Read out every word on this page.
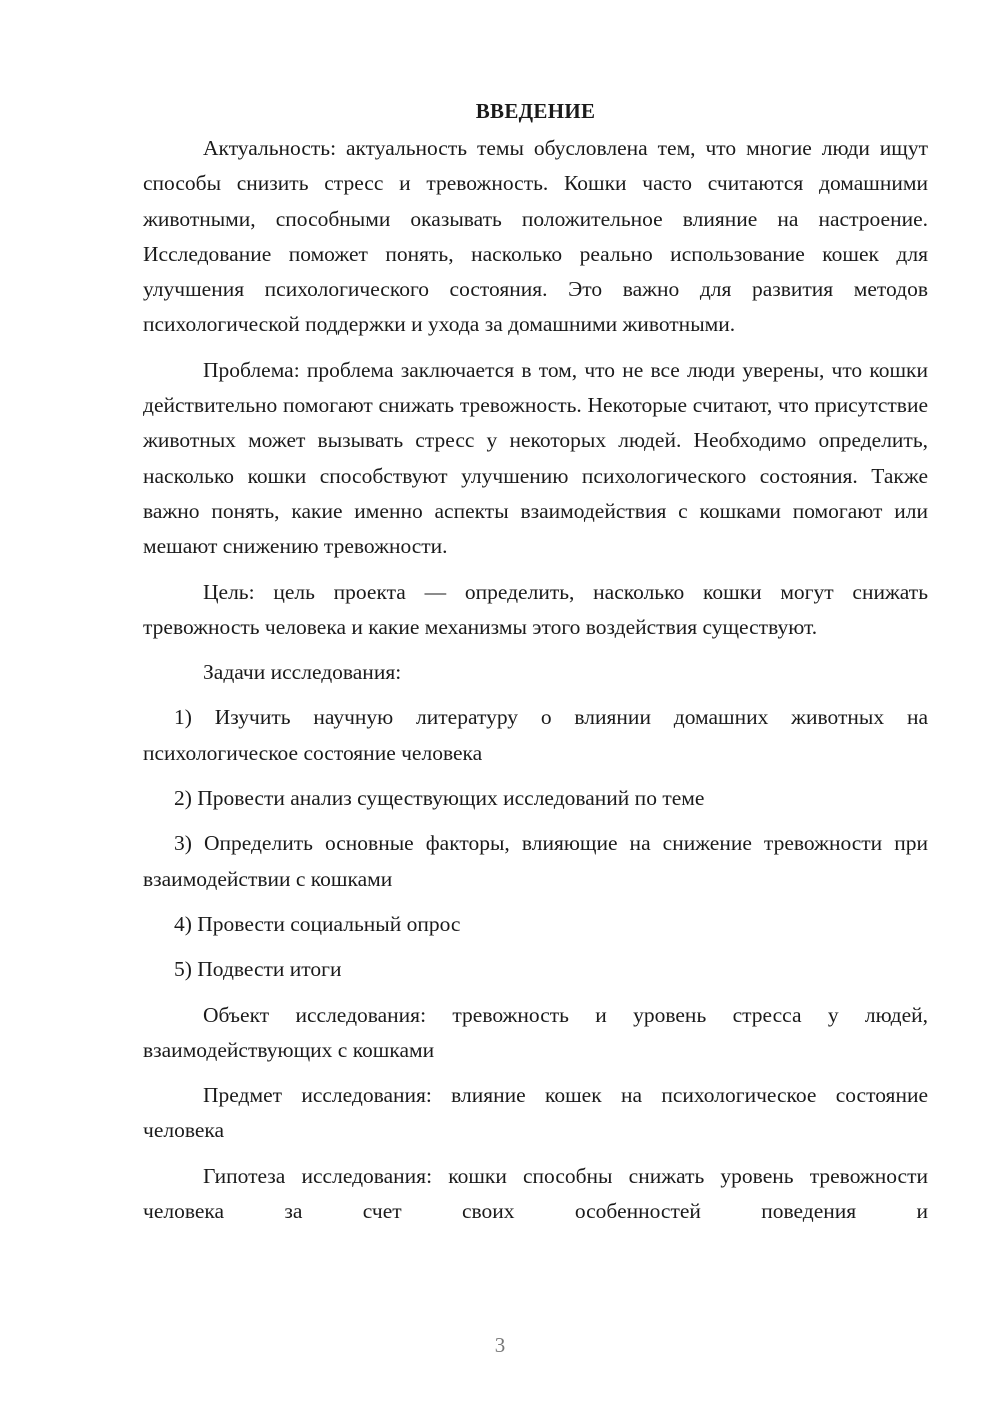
ВВЕДЕНИЕ

Актуальность: актуальность темы обусловлена тем, что многие люди ищут способы снизить стресс и тревожность. Кошки часто считаются домашними животными, способными оказывать положительное влияние на настроение. Исследование поможет понять, насколько реально использование кошек для улучшения психологического состояния. Это важно для развития методов психологической поддержки и ухода за домашними животными.

Проблема: проблема заключается в том, что не все люди уверены, что кошки действительно помогают снижать тревожность. Некоторые считают, что присутствие животных может вызывать стресс у некоторых людей. Необходимо определить, насколько кошки способствуют улучшению психологического состояния. Также важно понять, какие именно аспекты взаимодействия с кошками помогают или мешают снижению тревожности.

Цель: цель проекта — определить, насколько кошки могут снижать тревожность человека и какие механизмы этого воздействия существуют.

Задачи исследования:

1) Изучить научную литературу о влиянии домашних животных на психологическое состояние человека

2) Провести анализ существующих исследований по теме

3) Определить основные факторы, влияющие на снижение тревожности при взаимодействии с кошками

4) Провести социальный опрос

5) Подвести итоги

Объект исследования: тревожность и уровень стресса у людей, взаимодействующих с кошками

Предмет исследования: влияние кошек на психологическое состояние человека

Гипотеза исследования: кошки способны снижать уровень тревожности человека за счет своих особенностей поведения и

3
